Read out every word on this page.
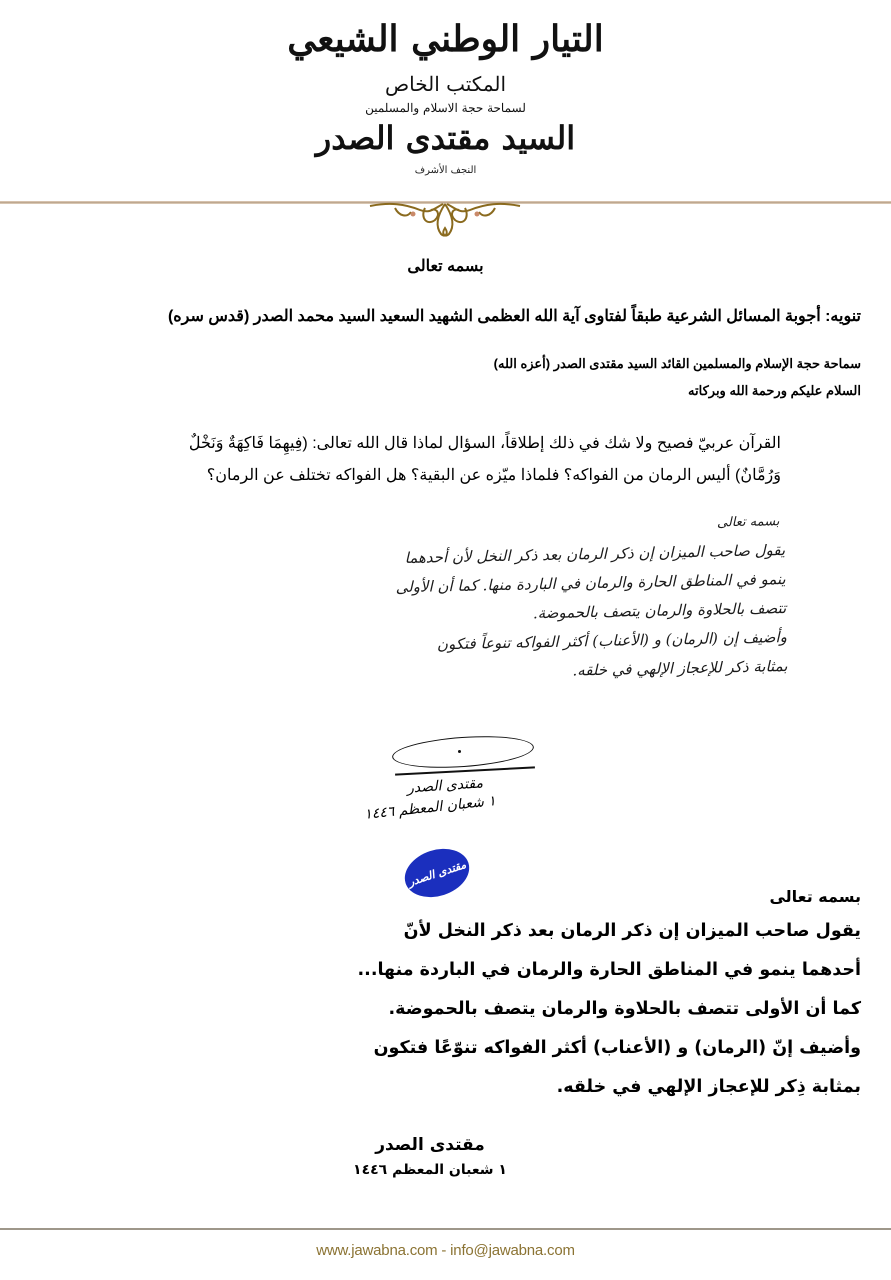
التيار الوطني الشيعي
المكتب الخاص
لسماحة حجة الاسلام والمسلمين
السيد مقتدى الصدر
النجف الأشرف
بسمه تعالى
تنويه: أجوبة المسائل الشرعية طبقاً لفتاوى آية الله العظمى الشهيد السعيد السيد محمد الصدر (قدس سره)
سماحة حجة الإسلام والمسلمين القائد السيد مقتدى الصدر (أعزه الله)
السلام عليكم ورحمة الله وبركاته
القرآن عربيّ فصيح ولا شك في ذلك إطلاقاً، السؤال لماذا قال الله تعالى: (فِيهِمَا فَاكِهَةٌ وَنَخْلٌ
وَرُمَّانٌ) أليس الرمان من الفواكه؟ فلماذا ميّزه عن البقية؟ هل الفواكه تختلف عن الرمان؟
بسمه تعالى
يقول صاحب الميزان إن ذكر الرمان بعد ذكر النخل لأن أحدهما
ينمو في المناطق الحارة والرمان في الباردة منها. كما أن الأولى
تتصف بالحلاوة والرمان يتصف بالحموضة.
وأضيف إن (الرمان) و (الأعناب) أكثر الفواكه تنوعاً فتكون
بمثابة ذكر للإعجاز الإلهي في خلقه.
مقتدى الصدر
١ شعبان المعظم ١٤٤٦
مقتدى الصدر
بسمه تعالى
يقول صاحب الميزان إن ذكر الرمان بعد ذكر النخل لأنّ
أحدهما ينمو في المناطق الحارة والرمان في الباردة منها...
كما أن الأولى تتصف بالحلاوة والرمان يتصف بالحموضة.
وأضيف إنّ (الرمان) و (الأعناب) أكثر الفواكه تنوّعًا فتكون
بمثابة ذِكر للإعجاز الإلهي في خلقه.
مقتدى الصدر
١ شعبان المعظم ١٤٤٦
www.jawabna.com - info@jawabna.com
